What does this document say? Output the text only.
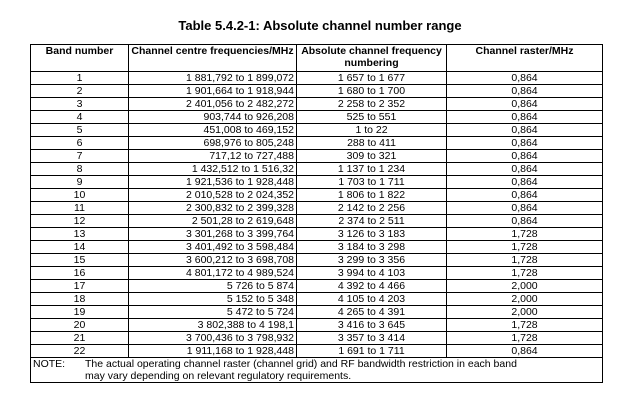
Table 5.4.2-1: Absolute channel number range
Band number	Channel centre frequencies/MHz	Absolute channel frequency numbering	Channel raster/MHz
1	1 881,792 to 1 899,072	1 657 to 1 677	0,864
2	1 901,664 to 1 918,944	1 680 to 1 700	0,864
3	2 401,056 to 2 482,272	2 258 to 2 352	0,864
4	903,744 to 926,208	525 to 551	0,864
5	451,008 to 469,152	1 to 22	0,864
6	698,976 to 805,248	288 to 411	0,864
7	717,12 to 727,488	309 to 321	0,864
8	1 432,512 to 1 516,32	1 137 to 1 234	0,864
9	1 921,536 to 1 928,448	1 703 to 1 711	0,864
10	2 010,528 to 2 024,352	1 806 to 1 822	0,864
11	2 300,832 to 2 399,328	2 142 to 2 256	0,864
12	2 501,28 to 2 619,648	2 374 to 2 511	0,864
13	3 301,268 to 3 399,764	3 126 to 3 183	1,728
14	3 401,492 to 3 598,484	3 184 to 3 298	1,728
15	3 600,212 to 3 698,708	3 299 to 3 356	1,728
16	4 801,172 to 4 989,524	3 994 to 4 103	1,728
17	5 726 to 5 874	4 392 to 4 466	2,000
18	5 152 to 5 348	4 105 to 4 203	2,000
19	5 472 to 5 724	4 265 to 4 391	2,000
20	3 802,388 to 4 198,1	3 416 to 3 645	1,728
21	3 700,436 to 3 798,932	3 357 to 3 414	1,728
22	1 911,168 to 1 928,448	1 691 to 1 711	0,864
NOTE: The actual operating channel raster (channel grid) and RF bandwidth restriction in each band
may vary depending on relevant regulatory requirements.			
